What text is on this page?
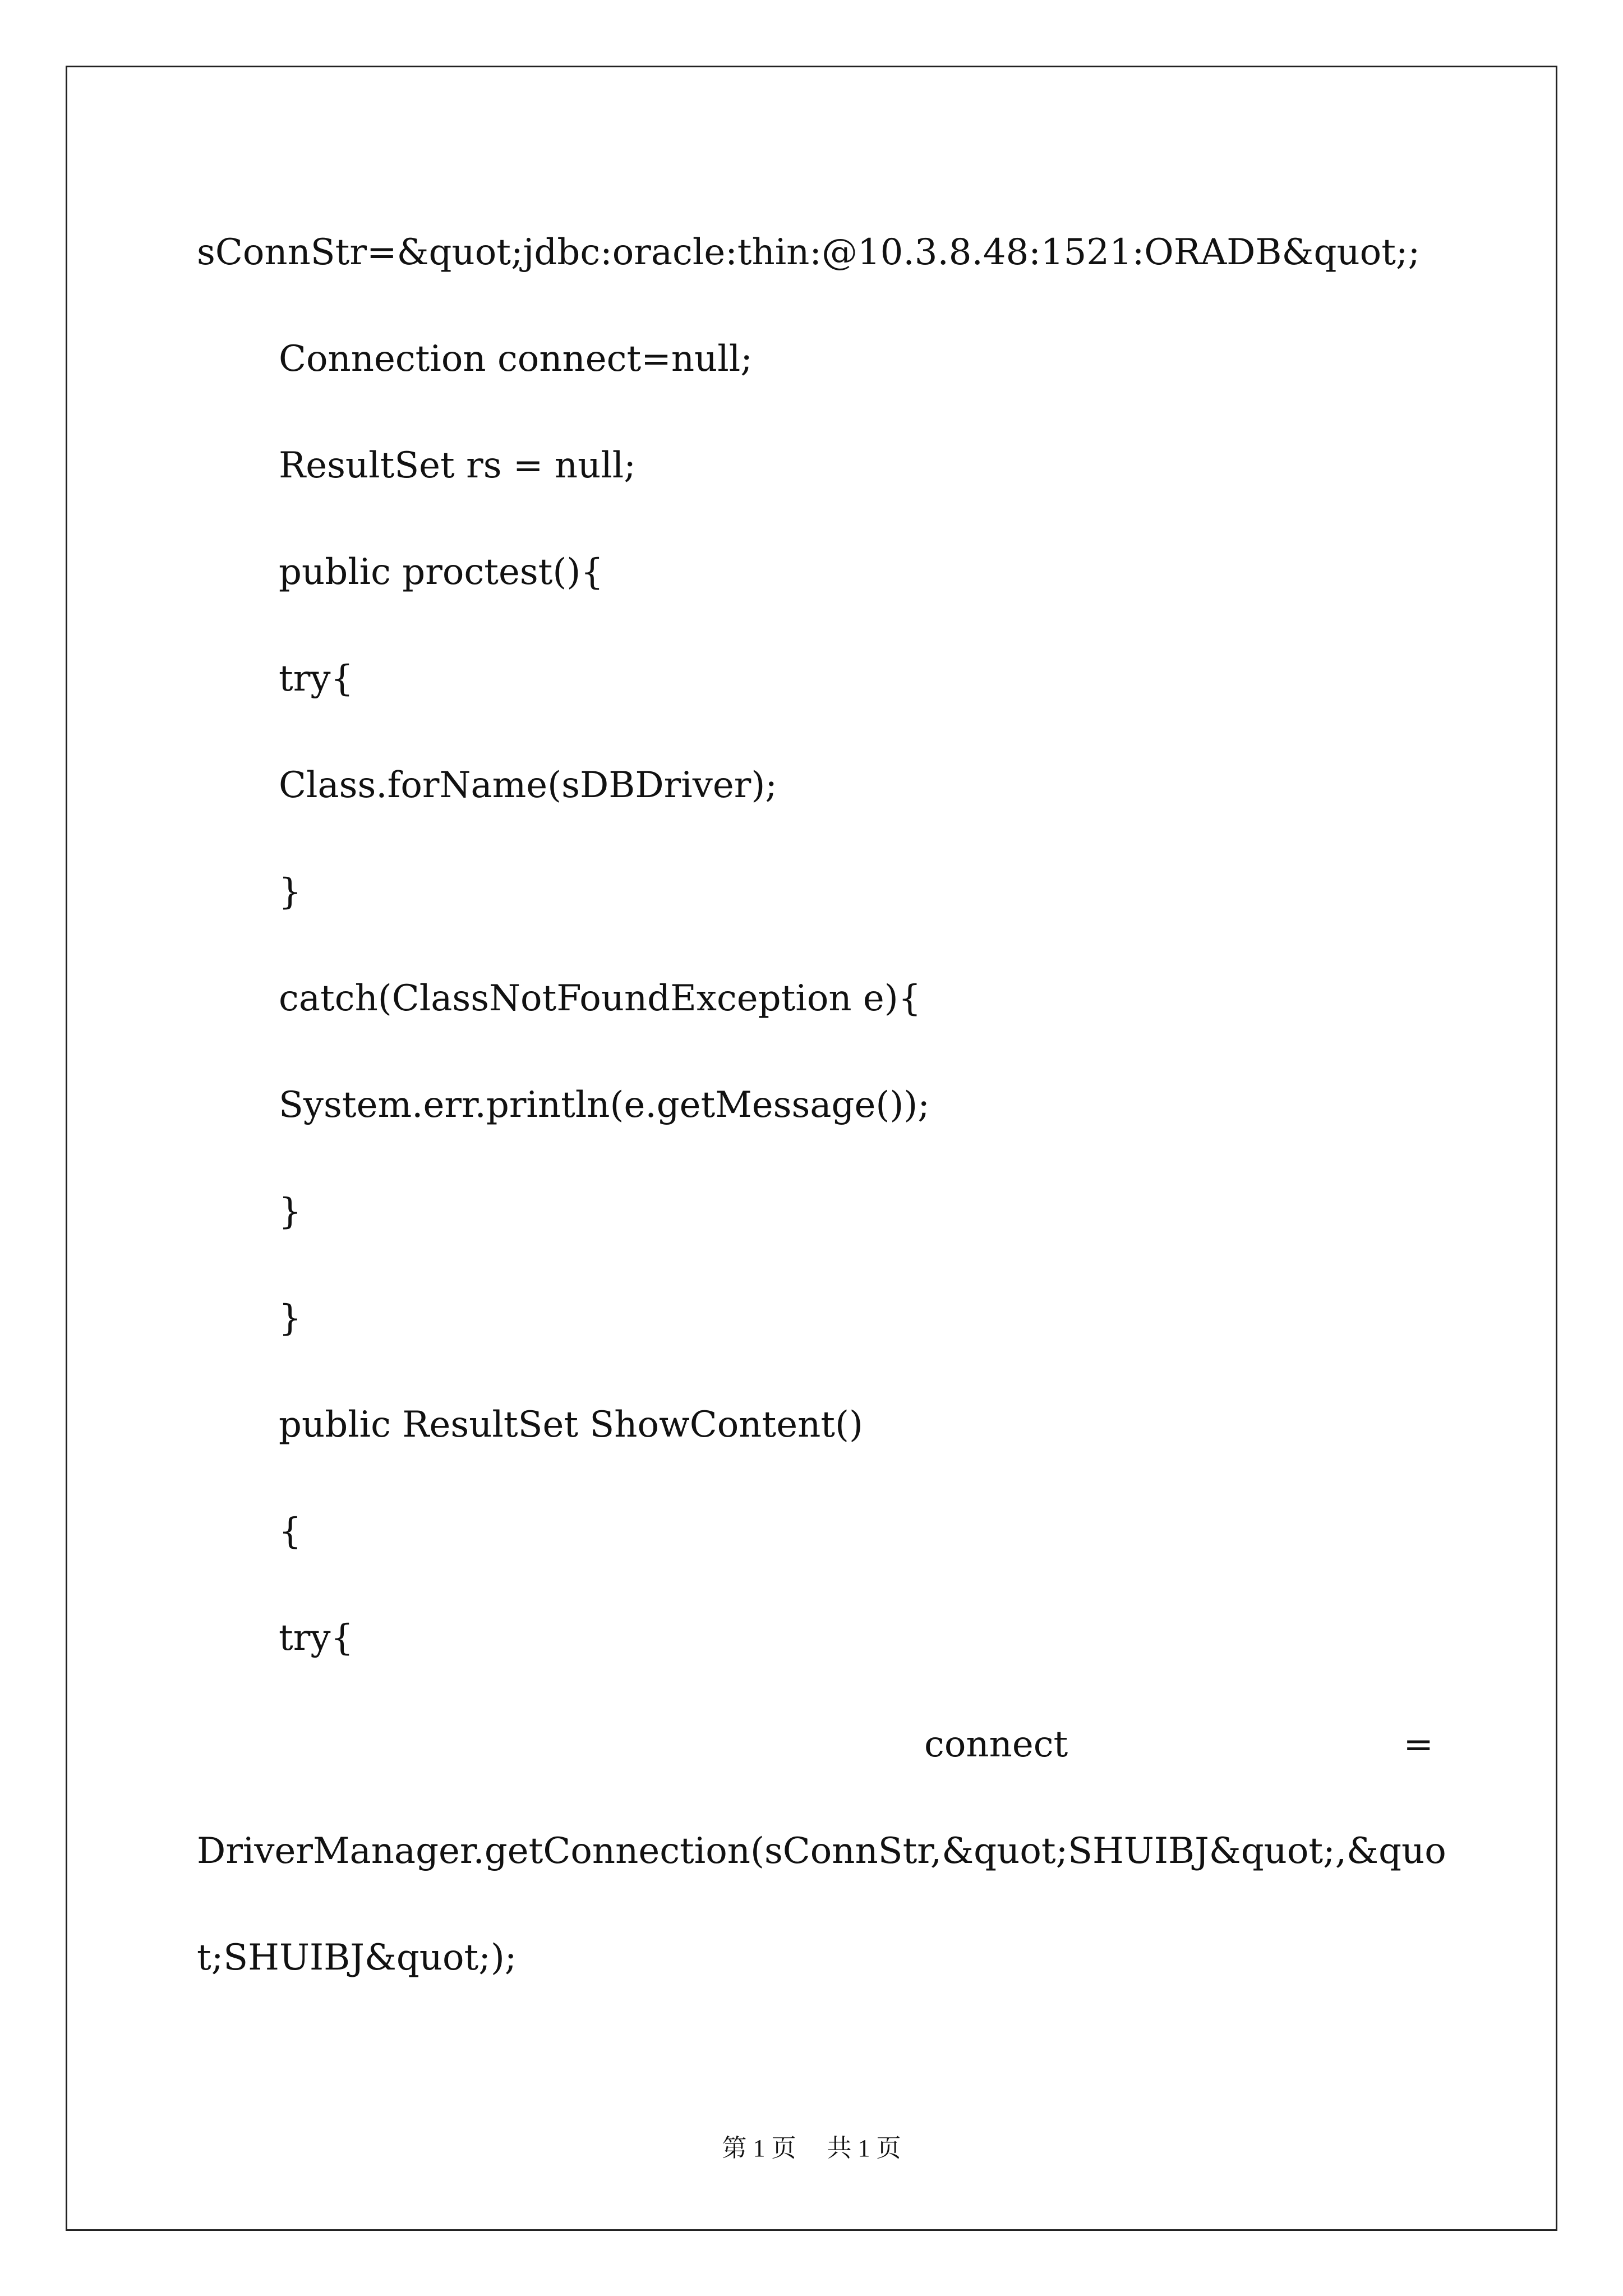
sConnStr=&quot;jdbc:oracle:thin:@10.3.8.48:1521:ORADB&quot;;
Connection connect=null;
ResultSet rs = null;
public proctest(){
try{
Class.forName(sDBDriver);
}
catch(ClassNotFoundException e){
System.err.println(e.getMessage());
}
}
public ResultSet ShowContent()
{
try{
connect	=
DriverManager.getConnection(sConnStr,&quot;SHUIBJ&quot;,&quo
t;SHUIBJ&quot;);
第 1 页　 共 1 页
